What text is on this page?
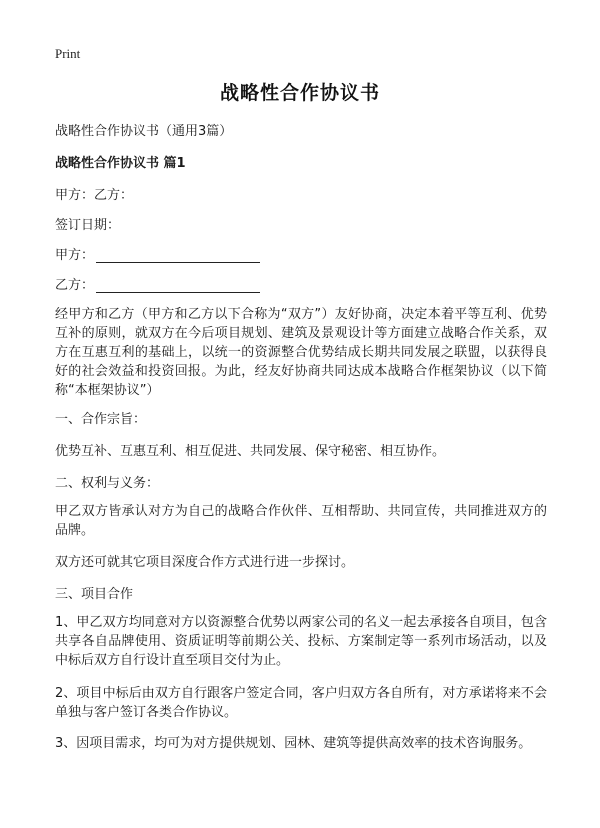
Print
战略性合作协议书
战略性合作协议书（通用3篇）
战略性合作协议书 篇1
甲方：乙方：
签订日期：
甲方：
乙方：
经甲方和乙方（甲方和乙方以下合称为“双方”）友好协商，决定本着平等互利、优势互补的原则，就双方在今后项目规划、建筑及景观设计等方面建立战略合作关系，双方在互惠互利的基础上，以统一的资源整合优势结成长期共同发展之联盟，以获得良好的社会效益和投资回报。为此，经友好协商共同达成本战略合作框架协议（以下简称“本框架协议”）
一、合作宗旨：
优势互补、互惠互利、相互促进、共同发展、保守秘密、相互协作。
二、权利与义务：
甲乙双方皆承认对方为自己的战略合作伙伴、互相帮助、共同宣传，共同推进双方的品牌。
双方还可就其它项目深度合作方式进行进一步探讨。
三、项目合作
1、甲乙双方均同意对方以资源整合优势以两家公司的名义一起去承接各自项目，包含共享各自品牌使用、资质证明等前期公关、投标、方案制定等一系列市场活动，以及中标后双方自行设计直至项目交付为止。
2、项目中标后由双方自行跟客户签定合同，客户归双方各自所有，对方承诺将来不会单独与客户签订各类合作协议。
3、因项目需求，均可为对方提供规划、园林、建筑等提供高效率的技术咨询服务。
